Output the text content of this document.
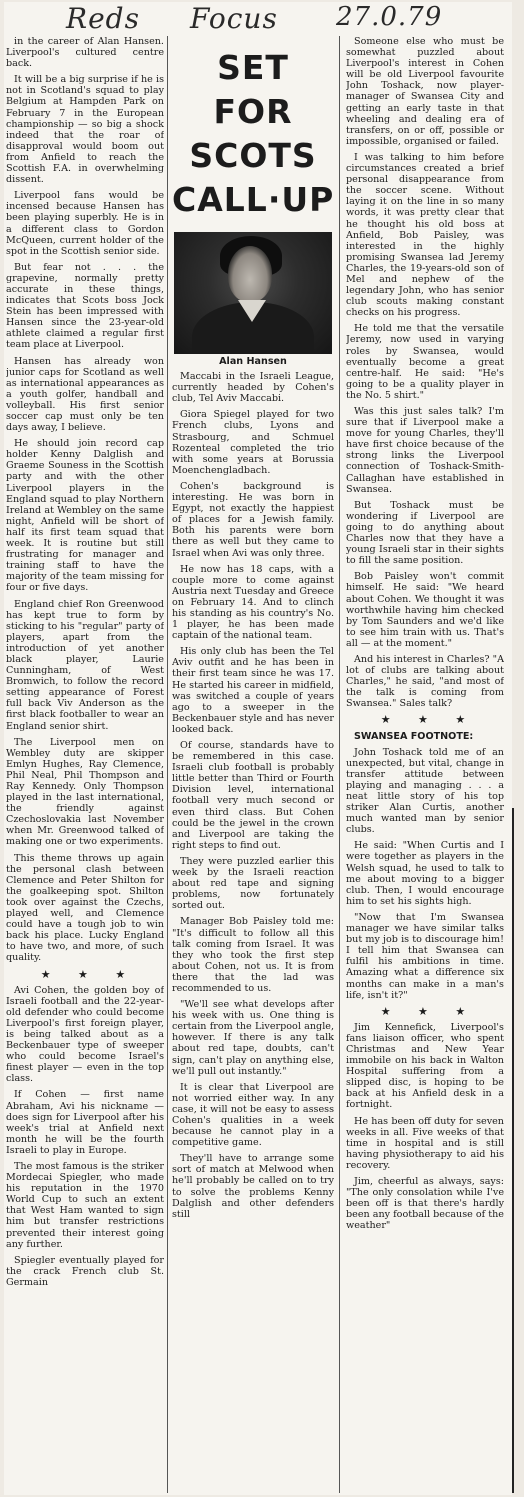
Reds Focus 27.0.79

in the career of Alan Hansen. Liverpool's cultured centre back.

It will be a big surprise if he is not in Scotland's squad to play Belgium at Hampden Park on February 7 in the European championship — so big a shock indeed that the roar of disapproval would boom out from Anfield to reach the Scottish F.A. in overwhelming dissent.

Liverpool fans would be incensed because Hansen has been playing superbly. He is in a different class to Gordon McQueen, current holder of the spot in the Scottish senior side.

But fear not . . . the grapevine, normally pretty accurate in these things, indicates that Scots boss Jock Stein has been impressed with Hansen since the 23-year-old athlete claimed a regular first team place at Liverpool.

Hansen has already won junior caps for Scotland as well as international appearances as a youth golfer, handball and volleyball. His first senior soccer cap must only be ten days away, I believe.

He should join record cap holder Kenny Dalglish and Graeme Souness in the Scottish party and with the other Liverpool players in the England squad to play Northern Ireland at Wembley on the same night, Anfield will be short of half its first team squad that week. It is routine but still frustrating for manager and training staff to have the majority of the team missing for four or five days.

England chief Ron Greenwood has kept true to form by sticking to his "regular" party of players, apart from the introduction of yet another black player, Laurie Cunningham, of West Bromwich, to follow the record setting appearance of Forest full back Viv Anderson as the first black footballer to wear an England senior shirt.

The Liverpool men on Wembley duty are skipper Emlyn Hughes, Ray Clemence, Phil Neal, Phil Thompson and Ray Kennedy. Only Thompson played in the last international, the friendly against Czechoslovakia last November when Mr. Greenwood talked of making one or two experiments.

This theme throws up again the personal clash between Clemence and Peter Shilton for the goalkeeping spot. Shilton took over against the Czechs, played well, and Clemence could have a tough job to win back his place. Lucky England to have two, and more, of such quality.

★ ★ ★

Avi Cohen, the golden boy of Israeli football and the 22-year-old defender who could become Liverpool's first foreign player, is being talked about as a Beckenbauer type of sweeper who could become Israel's finest player — even in the top class.

If Cohen — first name Abraham, Avi his nickname — does sign for Liverpool after his week's trial at Anfield next month he will be the fourth Israeli to play in Europe.

The most famous is the striker Mordecai Spiegler, who made his reputation in the 1970 World Cup to such an extent that West Ham wanted to sign him but transfer restrictions prevented their interest going any further.

Spiegler eventually played for the crack French club St. Germain

SET FOR
SCOTS
CALL·UP
Alan Hansen

Maccabi in the Israeli League, currently headed by Cohen's club, Tel Aviv Maccabi.

Giora Spiegel played for two French clubs, Lyons and Strasbourg, and Schmuel Rozenteal completed the trio with some years at Borussia Moenchengladbach.

Cohen's background is interesting. He was born in Egypt, not exactly the happiest of places for a Jewish family. Both his parents were born there as well but they came to Israel when Avi was only three.

He now has 18 caps, with a couple more to come against Austria next Tuesday and Greece on February 14. And to clinch his standing as his country's No. 1 player, he has been made captain of the national team.

His only club has been the Tel Aviv outfit and he has been in their first team since he was 17. He started his career in midfield, was switched a couple of years ago to a sweeper in the Beckenbauer style and has never looked back.

Of course, standards have to be remembered in this case. Israeli club football is probably little better than Third or Fourth Division level, international football very much second or even third class. But Cohen could be the jewel in the crown and Liverpool are taking the right steps to find out.

They were puzzled earlier this week by the Israeli reaction about red tape and signing problems, now fortunately sorted out.

Manager Bob Paisley told me: "It's difficult to follow all this talk coming from Israel. It was they who took the first step about Cohen, not us. It is from there that the lad was recommended to us.

"We'll see what develops after his week with us. One thing is certain from the Liverpool angle, however. If there is any talk about red tape, doubts, can't sign, can't play on anything else, we'll pull out instantly."

It is clear that Liverpool are not worried either way. In any case, it will not be easy to assess Cohen's qualities in a week because he cannot play in a competitive game.

They'll have to arrange some sort of match at Melwood when he'll probably be called on to try to solve the problems Kenny Dalglish and other defenders still

Someone else who must be somewhat puzzled about Liverpool's interest in Cohen will be old Liverpool favourite John Toshack, now player-manager of Swansea City and getting an early taste in that wheeling and dealing era of transfers, on or off, possible or impossible, organised or failed.

I was talking to him before circumstances created a brief personal disappearance from the soccer scene. Without laying it on the line in so many words, it was pretty clear that he thought his old boss at Anfield, Bob Paisley, was interested in the highly promising Swansea lad Jeremy Charles, the 19-years-old son of Mel and nephew of the legendary John, who has senior club scouts making constant checks on his progress.

He told me that the versatile Jeremy, now used in varying roles by Swansea, would eventually become a great centre-half. He said: "He's going to be a quality player in the No. 5 shirt."

Was this just sales talk? I'm sure that if Liverpool make a move for young Charles, they'll have first choice because of the strong links the Liverpool connection of Toshack-Smith-Callaghan have established in Swansea.

But Toshack must be wondering if Liverpool are going to do anything about Charles now that they have a young Israeli star in their sights to fill the same position.

Bob Paisley won't commit himself. He said: "We heard about Cohen. We thought it was worthwhile having him checked by Tom Saunders and we'd like to see him train with us. That's all — at the moment."

And his interest in Charles? "A lot of clubs are talking about Charles," he said, "and most of the talk is coming from Swansea." Sales talk?

★ ★ ★

SWANSEA FOOTNOTE:

John Toshack told me of an unexpected, but vital, change in transfer attitude between playing and managing . . . a neat little story of his top striker Alan Curtis, another much wanted man by senior clubs.

He said: "When Curtis and I were together as players in the Welsh squad, he used to talk to me about moving to a bigger club. Then, I would encourage him to set his sights high.

"Now that I'm Swansea manager we have similar talks but my job is to discourage him! I tell him that Swansea can fulfil his ambitions in time. Amazing what a difference six months can make in a man's life, isn't it?"

★ ★ ★

Jim Kennefick, Liverpool's fans liaison officer, who spent Christmas and New Year immobile on his back in Walton Hospital suffering from a slipped disc, is hoping to be back at his Anfield desk in a fortnight.

He has been off duty for seven weeks in all. Five weeks of that time in hospital and is still having physiotherapy to aid his recovery.

Jim, cheerful as always, says: "The only consolation while I've been off is that there's hardly been any football because of the weather"
